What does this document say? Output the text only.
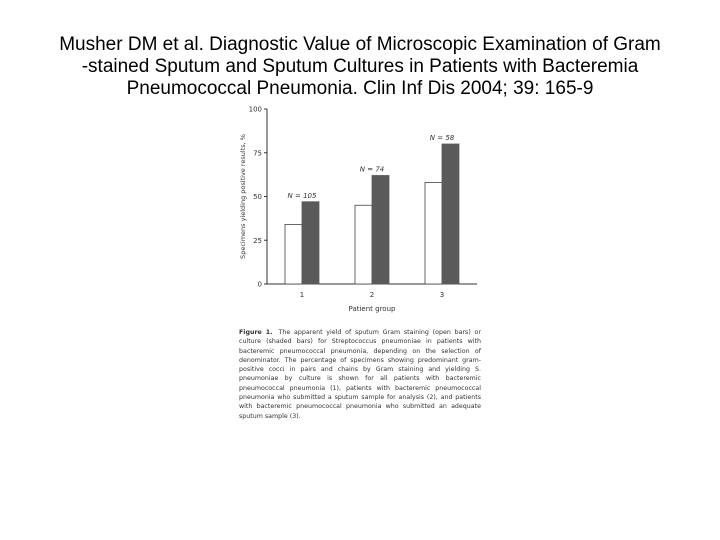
Musher DM et al. Diagnostic Value of Microscopic Examination of Gram
-stained Sputum and Sputum Cultures in Patients with Bacteremia
Pneumococcal Pneumonia. Clin Inf Dis 2004; 39: 165-9
0
25
50
75
100
Specimens yielding positive results, %	N = 105
1
N = 74
2
N = 58
3
Patient group
Figure 1. The apparent yield of sputum Gram staining (open bars) or culture (shaded bars) for Streptococcus pneumoniae in patients with bacteremic pneumococcal pneumonia, depending on the selection of denominator. The percentage of specimens showing predominant gram-positive cocci in pairs and chains by Gram staining and yielding S. pneumoniae by culture is shown for all patients with bacteremic pneumococcal pneumonia (1), patients with bacteremic pneumococcal pneumonia who submitted a sputum sample for analysis (2), and patients with bacteremic pneumococcal pneumonia who submitted an adequate sputum sample (3).
